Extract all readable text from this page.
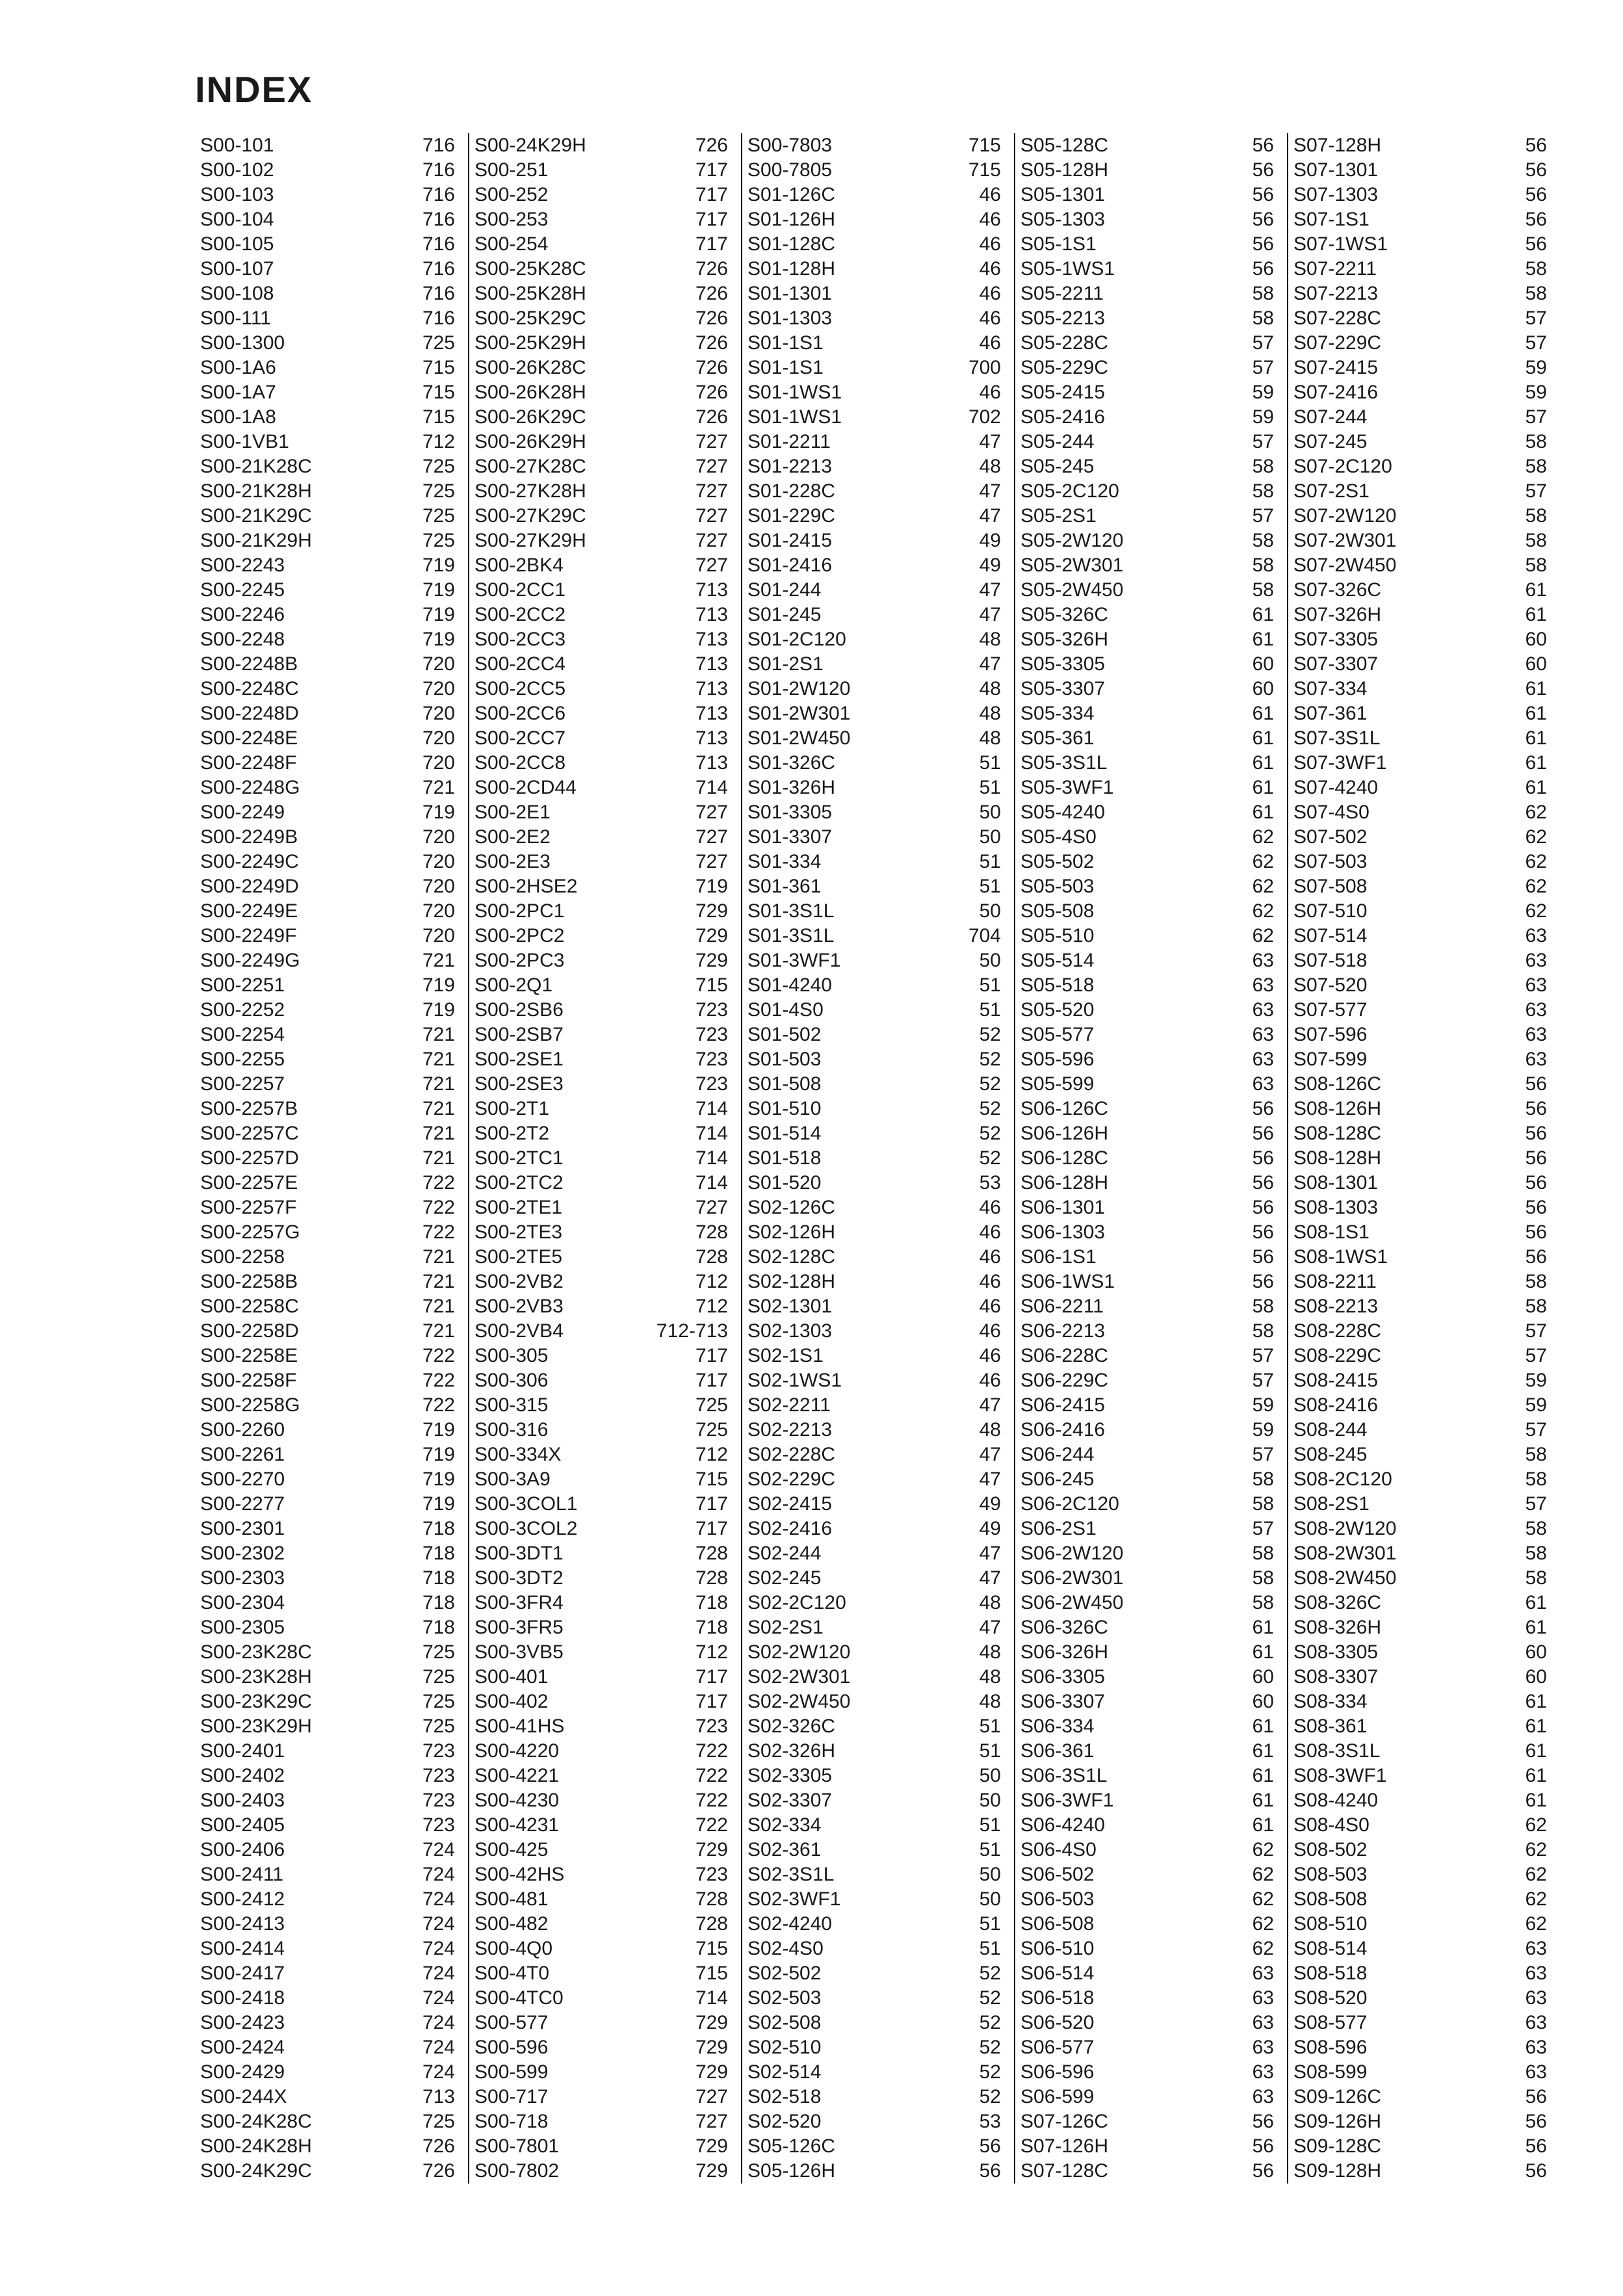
INDEX
S00-101	716
S00-102	716
S00-103	716
S00-104	716
S00-105	716
S00-107	716
S00-108	716
S00-111	716
S00-1300	725
S00-1A6	715
S00-1A7	715
S00-1A8	715
S00-1VB1	712
S00-21K28C	725
S00-21K28H	725
S00-21K29C	725
S00-21K29H	725
S00-2243	719
S00-2245	719
S00-2246	719
S00-2248	719
S00-2248B	720
S00-2248C	720
S00-2248D	720
S00-2248E	720
S00-2248F	720
S00-2248G	721
S00-2249	719
S00-2249B	720
S00-2249C	720
S00-2249D	720
S00-2249E	720
S00-2249F	720
S00-2249G	721
S00-2251	719
S00-2252	719
S00-2254	721
S00-2255	721
S00-2257	721
S00-2257B	721
S00-2257C	721
S00-2257D	721
S00-2257E	722
S00-2257F	722
S00-2257G	722
S00-2258	721
S00-2258B	721
S00-2258C	721
S00-2258D	721
S00-2258E	722
S00-2258F	722
S00-2258G	722
S00-2260	719
S00-2261	719
S00-2270	719
S00-2277	719
S00-2301	718
S00-2302	718
S00-2303	718
S00-2304	718
S00-2305	718
S00-23K28C	725
S00-23K28H	725
S00-23K29C	725
S00-23K29H	725
S00-2401	723
S00-2402	723
S00-2403	723
S00-2405	723
S00-2406	724
S00-2411	724
S00-2412	724
S00-2413	724
S00-2414	724
S00-2417	724
S00-2418	724
S00-2423	724
S00-2424	724
S00-2429	724
S00-244X	713
S00-24K28C	725
S00-24K28H	726
S00-24K29C	726
S00-24K29H	726
S00-251	717
S00-252	717
S00-253	717
S00-254	717
S00-25K28C	726
S00-25K28H	726
S00-25K29C	726
S00-25K29H	726
S00-26K28C	726
S00-26K28H	726
S00-26K29C	726
S00-26K29H	727
S00-27K28C	727
S00-27K28H	727
S00-27K29C	727
S00-27K29H	727
S00-2BK4	727
S00-2CC1	713
S00-2CC2	713
S00-2CC3	713
S00-2CC4	713
S00-2CC5	713
S00-2CC6	713
S00-2CC7	713
S00-2CC8	713
S00-2CD44	714
S00-2E1	727
S00-2E2	727
S00-2E3	727
S00-2HSE2	719
S00-2PC1	729
S00-2PC2	729
S00-2PC3	729
S00-2Q1	715
S00-2SB6	723
S00-2SB7	723
S00-2SE1	723
S00-2SE3	723
S00-2T1	714
S00-2T2	714
S00-2TC1	714
S00-2TC2	714
S00-2TE1	727
S00-2TE3	728
S00-2TE5	728
S00-2VB2	712
S00-2VB3	712
S00-2VB4	712-713
S00-305	717
S00-306	717
S00-315	725
S00-316	725
S00-334X	712
S00-3A9	715
S00-3COL1	717
S00-3COL2	717
S00-3DT1	728
S00-3DT2	728
S00-3FR4	718
S00-3FR5	718
S00-3VB5	712
S00-401	717
S00-402	717
S00-41HS	723
S00-4220	722
S00-4221	722
S00-4230	722
S00-4231	722
S00-425	729
S00-42HS	723
S00-481	728
S00-482	728
S00-4Q0	715
S00-4T0	715
S00-4TC0	714
S00-577	729
S00-596	729
S00-599	729
S00-717	727
S00-718	727
S00-7801	729
S00-7802	729
S00-7803	715
S00-7805	715
S01-126C	46
S01-126H	46
S01-128C	46
S01-128H	46
S01-1301	46
S01-1303	46
S01-1S1	46
S01-1S1	700
S01-1WS1	46
S01-1WS1	702
S01-2211	47
S01-2213	48
S01-228C	47
S01-229C	47
S01-2415	49
S01-2416	49
S01-244	47
S01-245	47
S01-2C120	48
S01-2S1	47
S01-2W120	48
S01-2W301	48
S01-2W450	48
S01-326C	51
S01-326H	51
S01-3305	50
S01-3307	50
S01-334	51
S01-361	51
S01-3S1L	50
S01-3S1L	704
S01-3WF1	50
S01-4240	51
S01-4S0	51
S01-502	52
S01-503	52
S01-508	52
S01-510	52
S01-514	52
S01-518	52
S01-520	53
S02-126C	46
S02-126H	46
S02-128C	46
S02-128H	46
S02-1301	46
S02-1303	46
S02-1S1	46
S02-1WS1	46
S02-2211	47
S02-2213	48
S02-228C	47
S02-229C	47
S02-2415	49
S02-2416	49
S02-244	47
S02-245	47
S02-2C120	48
S02-2S1	47
S02-2W120	48
S02-2W301	48
S02-2W450	48
S02-326C	51
S02-326H	51
S02-3305	50
S02-3307	50
S02-334	51
S02-361	51
S02-3S1L	50
S02-3WF1	50
S02-4240	51
S02-4S0	51
S02-502	52
S02-503	52
S02-508	52
S02-510	52
S02-514	52
S02-518	52
S02-520	53
S05-126C	56
S05-126H	56
S05-128C	56
S05-128H	56
S05-1301	56
S05-1303	56
S05-1S1	56
S05-1WS1	56
S05-2211	58
S05-2213	58
S05-228C	57
S05-229C	57
S05-2415	59
S05-2416	59
S05-244	57
S05-245	58
S05-2C120	58
S05-2S1	57
S05-2W120	58
S05-2W301	58
S05-2W450	58
S05-326C	61
S05-326H	61
S05-3305	60
S05-3307	60
S05-334	61
S05-361	61
S05-3S1L	61
S05-3WF1	61
S05-4240	61
S05-4S0	62
S05-502	62
S05-503	62
S05-508	62
S05-510	62
S05-514	63
S05-518	63
S05-520	63
S05-577	63
S05-596	63
S05-599	63
S06-126C	56
S06-126H	56
S06-128C	56
S06-128H	56
S06-1301	56
S06-1303	56
S06-1S1	56
S06-1WS1	56
S06-2211	58
S06-2213	58
S06-228C	57
S06-229C	57
S06-2415	59
S06-2416	59
S06-244	57
S06-245	58
S06-2C120	58
S06-2S1	57
S06-2W120	58
S06-2W301	58
S06-2W450	58
S06-326C	61
S06-326H	61
S06-3305	60
S06-3307	60
S06-334	61
S06-361	61
S06-3S1L	61
S06-3WF1	61
S06-4240	61
S06-4S0	62
S06-502	62
S06-503	62
S06-508	62
S06-510	62
S06-514	63
S06-518	63
S06-520	63
S06-577	63
S06-596	63
S06-599	63
S07-126C	56
S07-126H	56
S07-128C	56
S07-128H	56
S07-1301	56
S07-1303	56
S07-1S1	56
S07-1WS1	56
S07-2211	58
S07-2213	58
S07-228C	57
S07-229C	57
S07-2415	59
S07-2416	59
S07-244	57
S07-245	58
S07-2C120	58
S07-2S1	57
S07-2W120	58
S07-2W301	58
S07-2W450	58
S07-326C	61
S07-326H	61
S07-3305	60
S07-3307	60
S07-334	61
S07-361	61
S07-3S1L	61
S07-3WF1	61
S07-4240	61
S07-4S0	62
S07-502	62
S07-503	62
S07-508	62
S07-510	62
S07-514	63
S07-518	63
S07-520	63
S07-577	63
S07-596	63
S07-599	63
S08-126C	56
S08-126H	56
S08-128C	56
S08-128H	56
S08-1301	56
S08-1303	56
S08-1S1	56
S08-1WS1	56
S08-2211	58
S08-2213	58
S08-228C	57
S08-229C	57
S08-2415	59
S08-2416	59
S08-244	57
S08-245	58
S08-2C120	58
S08-2S1	57
S08-2W120	58
S08-2W301	58
S08-2W450	58
S08-326C	61
S08-326H	61
S08-3305	60
S08-3307	60
S08-334	61
S08-361	61
S08-3S1L	61
S08-3WF1	61
S08-4240	61
S08-4S0	62
S08-502	62
S08-503	62
S08-508	62
S08-510	62
S08-514	63
S08-518	63
S08-520	63
S08-577	63
S08-596	63
S08-599	63
S09-126C	56
S09-126H	56
S09-128C	56
S09-128H	56
